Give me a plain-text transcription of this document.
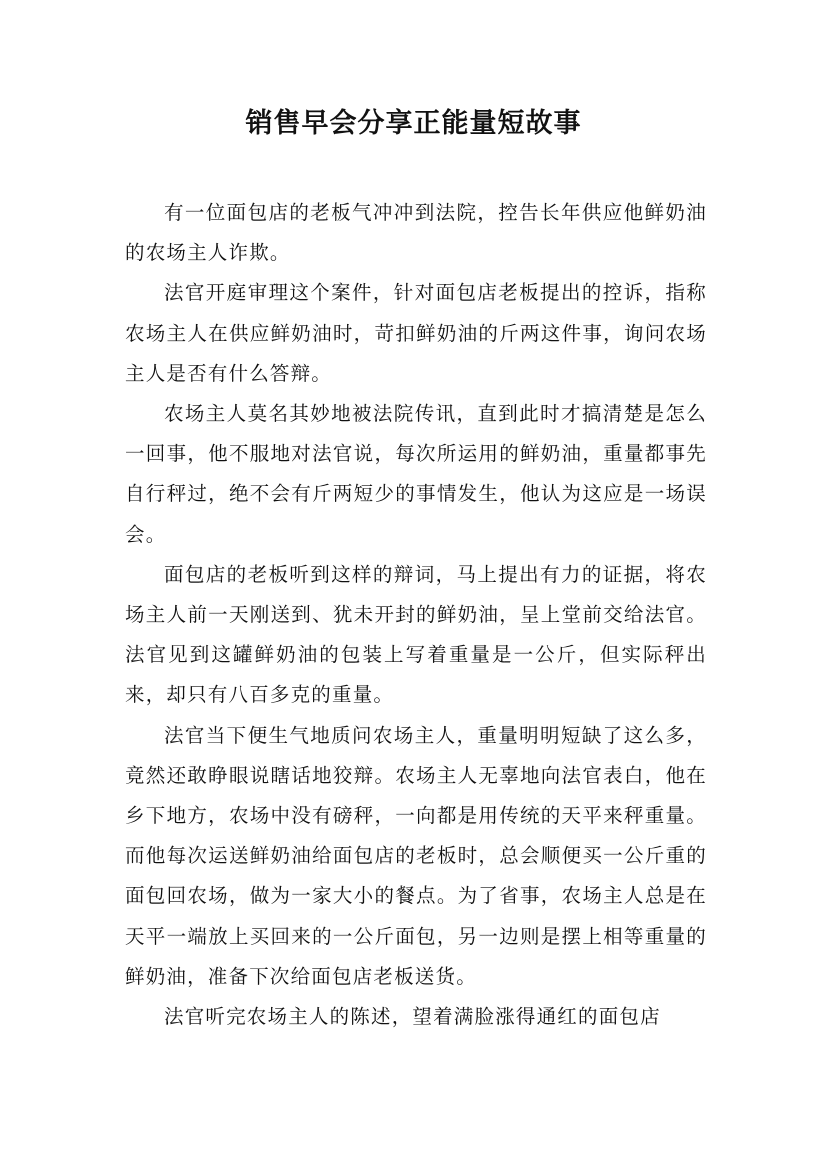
销售早会分享正能量短故事

有一位面包店的老板气冲冲到法院，控告长年供应他鲜奶油的农场主人诈欺。

法官开庭审理这个案件，针对面包店老板提出的控诉，指称农场主人在供应鲜奶油时，苛扣鲜奶油的斤两这件事，询问农场主人是否有什么答辩。

农场主人莫名其妙地被法院传讯，直到此时才搞清楚是怎么一回事，他不服地对法官说，每次所运用的鲜奶油，重量都事先自行秤过，绝不会有斤两短少的事情发生，他认为这应是一场误会。

面包店的老板听到这样的辩词，马上提出有力的证据，将农场主人前一天刚送到、犹未开封的鲜奶油，呈上堂前交给法官。法官见到这罐鲜奶油的包装上写着重量是一公斤，但实际秤出来，却只有八百多克的重量。

法官当下便生气地质问农场主人，重量明明短缺了这么多，竟然还敢睁眼说瞎话地狡辩。农场主人无辜地向法官表白，他在乡下地方，农场中没有磅秤，一向都是用传统的天平来秤重量。而他每次运送鲜奶油给面包店的老板时，总会顺便买一公斤重的面包回农场，做为一家大小的餐点。为了省事，农场主人总是在天平一端放上买回来的一公斤面包，另一边则是摆上相等重量的鲜奶油，准备下次给面包店老板送货。

法官听完农场主人的陈述，望着满脸涨得通红的面包店
